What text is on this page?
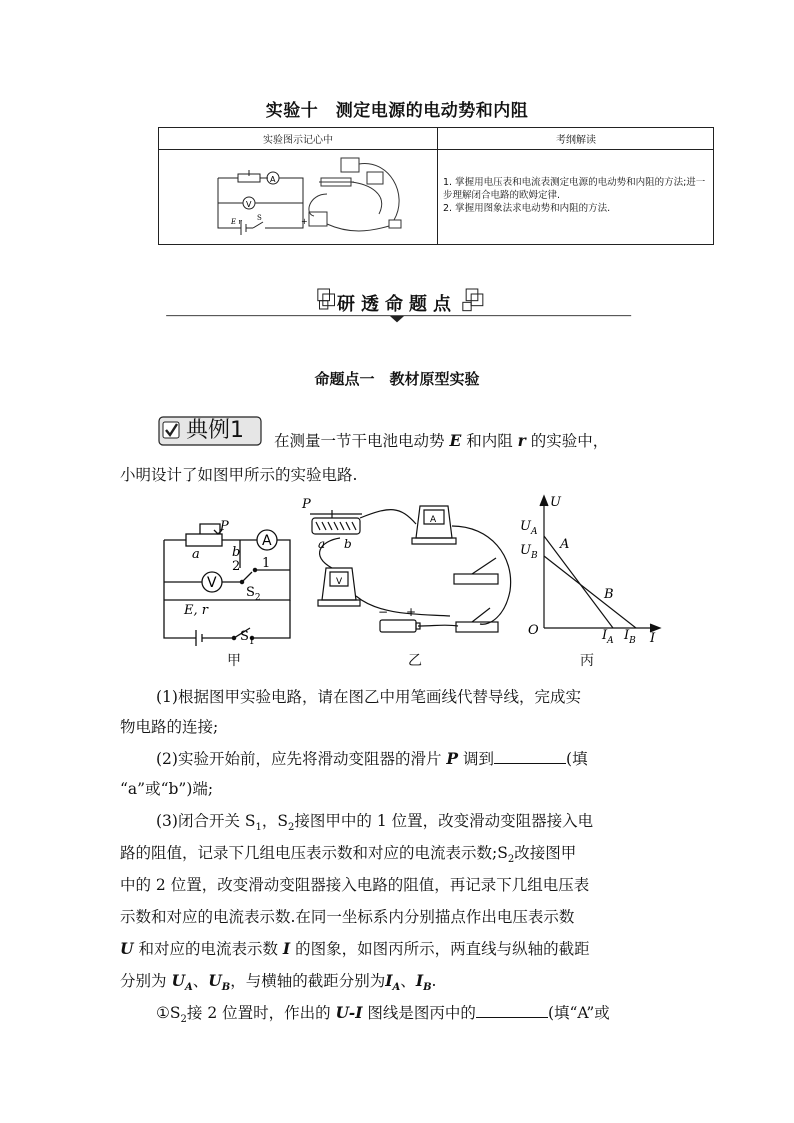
实验十　测定电源的电动势和内阻
实验图示记心中	考纲解读
A
V
E r S	+
1. 掌握用电压表和电流表测定电源的电动势和内阻的方法;进一步理解闭合电路的欧姆定律.
2. 掌握用图象法求电动势和内阻的方法.
研透命题点
命题点一　教材原型实验
典例1 在测量一节干电池电动势 E 和内阻 r 的实验中，
小明设计了如图甲所示的实验电路.
A
V
P
a b
2 1
$S_2$
E, r
$S_1$
A
V
− +
P
a b
U
I
O
$U_A$
$U_B$
A
B
$I_A$ $I_B$
甲	乙	丙
(1)根据图甲实验电路，请在图乙中用笔画线代替导线，完成实
物电路的连接;
(2)实验开始前，应先将滑动变阻器的滑片 P 调到	(填
“a”或“b”)端;
(3)闭合开关 $S_1$，$S_2$接图甲中的 1 位置，改变滑动变阻器接入电
路的阻值，记录下几组电压表示数和对应的电流表示数$;S_2$改接图甲
中的 2 位置，改变滑动变阻器接入电路的阻值，再记录下几组电压表
示数和对应的电流表示数.在同一坐标系内分别描点作出电压表示数
U 和对应的电流表示数 I 的图象，如图丙所示，两直线与纵轴的截距
分别为 $U_A$、$U_B$，与横轴的截距分别为$I_A$、$I_B$.
$①S_2$接 2 位置时，作出的 U-I 图线是图丙中的	(填“A”或
